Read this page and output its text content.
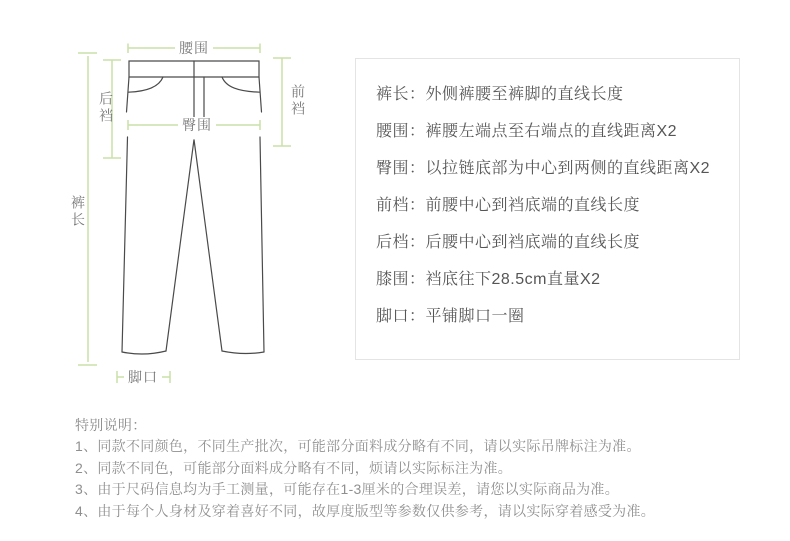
腰围
臀围
脚口
后裆	前裆
裤长
裤长：外侧裤腰至裤脚的直线长度
腰围：裤腰左端点至右端点的直线距离X2
臀围：以拉链底部为中心到两侧的直线距离X2
前档：前腰中心到裆底端的直线长度
后档：后腰中心到裆底端的直线长度
膝围：裆底往下28.5cm直量X2
脚口：平铺脚口一圈
特别说明：
1、同款不同颜色，不同生产批次，可能部分面料成分略有不同，请以实际吊牌标注为准。
2、同款不同色，可能部分面料成分略有不同，烦请以实际标注为准。
3、由于尺码信息均为手工测量，可能存在1-3厘米的合理误差，请您以实际商品为准。
4、由于每个人身材及穿着喜好不同，故厚度版型等参数仅供参考，请以实际穿着感受为准。
